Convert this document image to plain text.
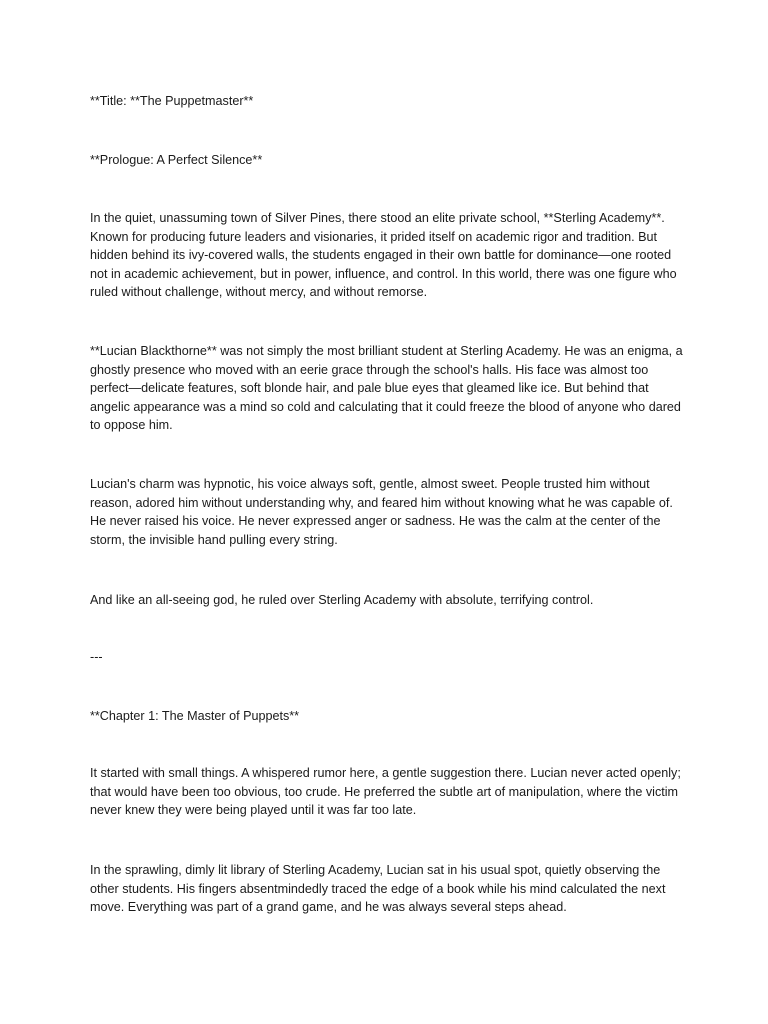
**Title: **The Puppetmaster**

**Prologue: A Perfect Silence**

In the quiet, unassuming town of Silver Pines, there stood an elite private school, **Sterling Academy**. Known for producing future leaders and visionaries, it prided itself on academic rigor and tradition. But hidden behind its ivy-covered walls, the students engaged in their own battle for dominance—one rooted not in academic achievement, but in power, influence, and control. In this world, there was one figure who ruled without challenge, without mercy, and without remorse.

**Lucian Blackthorne** was not simply the most brilliant student at Sterling Academy. He was an enigma, a ghostly presence who moved with an eerie grace through the school's halls. His face was almost too perfect—delicate features, soft blonde hair, and pale blue eyes that gleamed like ice. But behind that angelic appearance was a mind so cold and calculating that it could freeze the blood of anyone who dared to oppose him.

Lucian's charm was hypnotic, his voice always soft, gentle, almost sweet. People trusted him without reason, adored him without understanding why, and feared him without knowing what he was capable of. He never raised his voice. He never expressed anger or sadness. He was the calm at the center of the storm, the invisible hand pulling every string.

And like an all-seeing god, he ruled over Sterling Academy with absolute, terrifying control.

---

**Chapter 1: The Master of Puppets**

It started with small things. A whispered rumor here, a gentle suggestion there. Lucian never acted openly; that would have been too obvious, too crude. He preferred the subtle art of manipulation, where the victim never knew they were being played until it was far too late.

In the sprawling, dimly lit library of Sterling Academy, Lucian sat in his usual spot, quietly observing the other students. His fingers absentmindedly traced the edge of a book while his mind calculated the next move. Everything was part of a grand game, and he was always several steps ahead.
